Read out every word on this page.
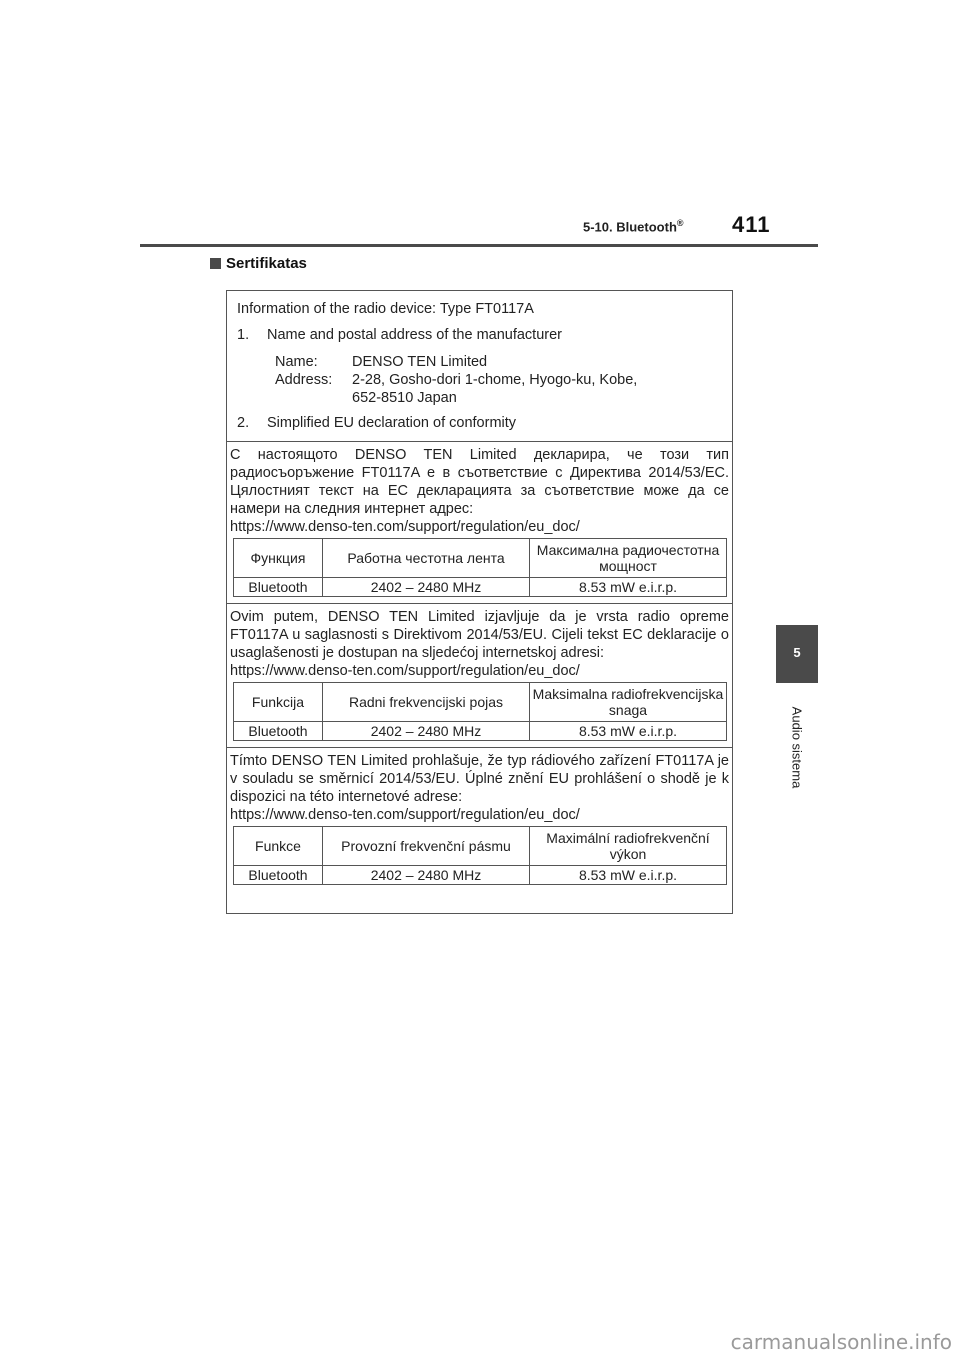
5-10. Bluetooth® 411
Sertifikatas
5
Audio sistema
Information of the radio device: Type FT0117A
1.	Name and postal address of the manufacturer
Name:	DENSO TEN Limited
Address:	2-28, Gosho-dori 1-chome, Hyogo-ku, Kobe,
652-8510 Japan
2.	Simplified EU declaration of conformity

С настоящото DENSO TEN Limited декларира, че този тип радиосъоръжение FT0117A е в съответствие с Директива 2014/53/EC. Цялостният текст на ЕС декларацията за съответствие може да се намери на следния интернет адрес:

https://www.denso-ten.com/support/regulation/eu_doc/
Функция	Работна честотна лента	Максимална радиочестотна мощност
Bluetooth	2402 – 2480 MHz	8.53 mW e.i.r.p.

Ovim putem, DENSO TEN Limited izjavljuje da je vrsta radio opreme FT0117A u saglasnosti s Direktivom 2014/53/EU. Cijeli tekst EC deklaracije o usaglašenosti je dostupan na sljedećoj internetskoj adresi:

https://www.denso-ten.com/support/regulation/eu_doc/
Funkcija	Radni frekvencijski pojas	Maksimalna radiofrekvencijska snaga
Bluetooth	2402 – 2480 MHz	8.53 mW e.i.r.p.

Tímto DENSO TEN Limited prohlašuje, že typ rádiového zařízení FT0117A je v souladu se směrnicí 2014/53/EU. Úplné znění EU prohlášení o shodě je k dispozici na této internetové adrese:

https://www.denso-ten.com/support/regulation/eu_doc/
Funkce	Provozní frekvenční pásmu	Maximální radiofrekvenční výkon
Bluetooth	2402 – 2480 MHz	8.53 mW e.i.r.p.
carmanualsonline.info
